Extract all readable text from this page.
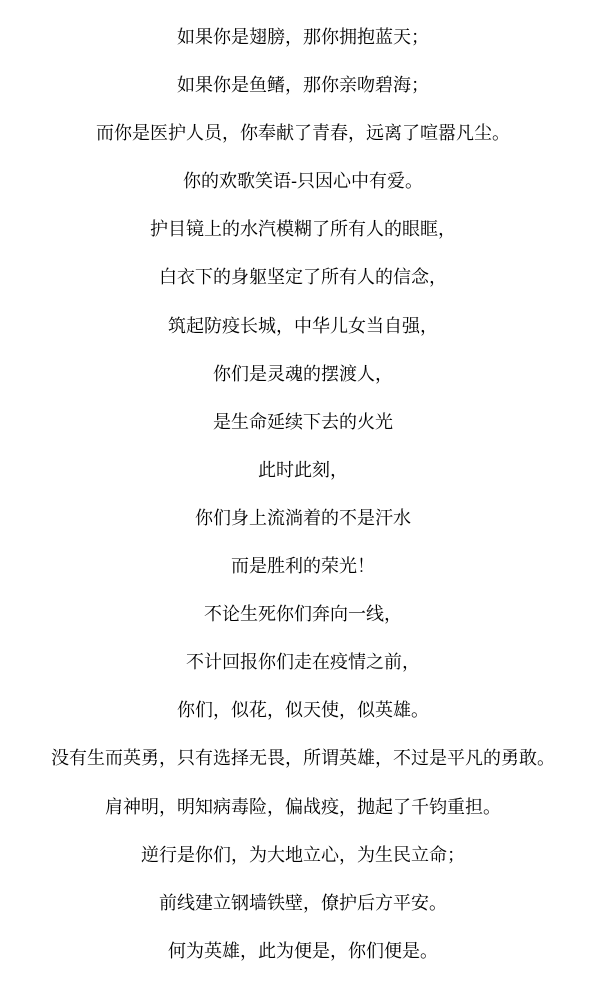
如果你是翅膀，那你拥抱蓝天；
如果你是鱼鳍，那你亲吻碧海；
而你是医护人员，你奉献了青春，远离了喧嚣凡尘。
你的欢歌笑语-只因心中有爱。
护目镜上的水汽模糊了所有人的眼眶，
白衣下的身躯坚定了所有人的信念，
筑起防疫长城，中华儿女当自强，
你们是灵魂的摆渡人，
是生命延续下去的火光
此时此刻，
你们身上流淌着的不是汗水
而是胜利的荣光！
不论生死你们奔向一线，
不计回报你们走在疫情之前，
你们，似花，似天使，似英雄。
没有生而英勇，只有选择无畏，所谓英雄，不过是平凡的勇敢。
肩神明，明知病毒险，偏战疫，抛起了千钧重担。
逆行是你们，为大地立心，为生民立命；
前线建立钢墙铁壁，僚护后方平安。
何为英雄，此为便是，你们便是。
